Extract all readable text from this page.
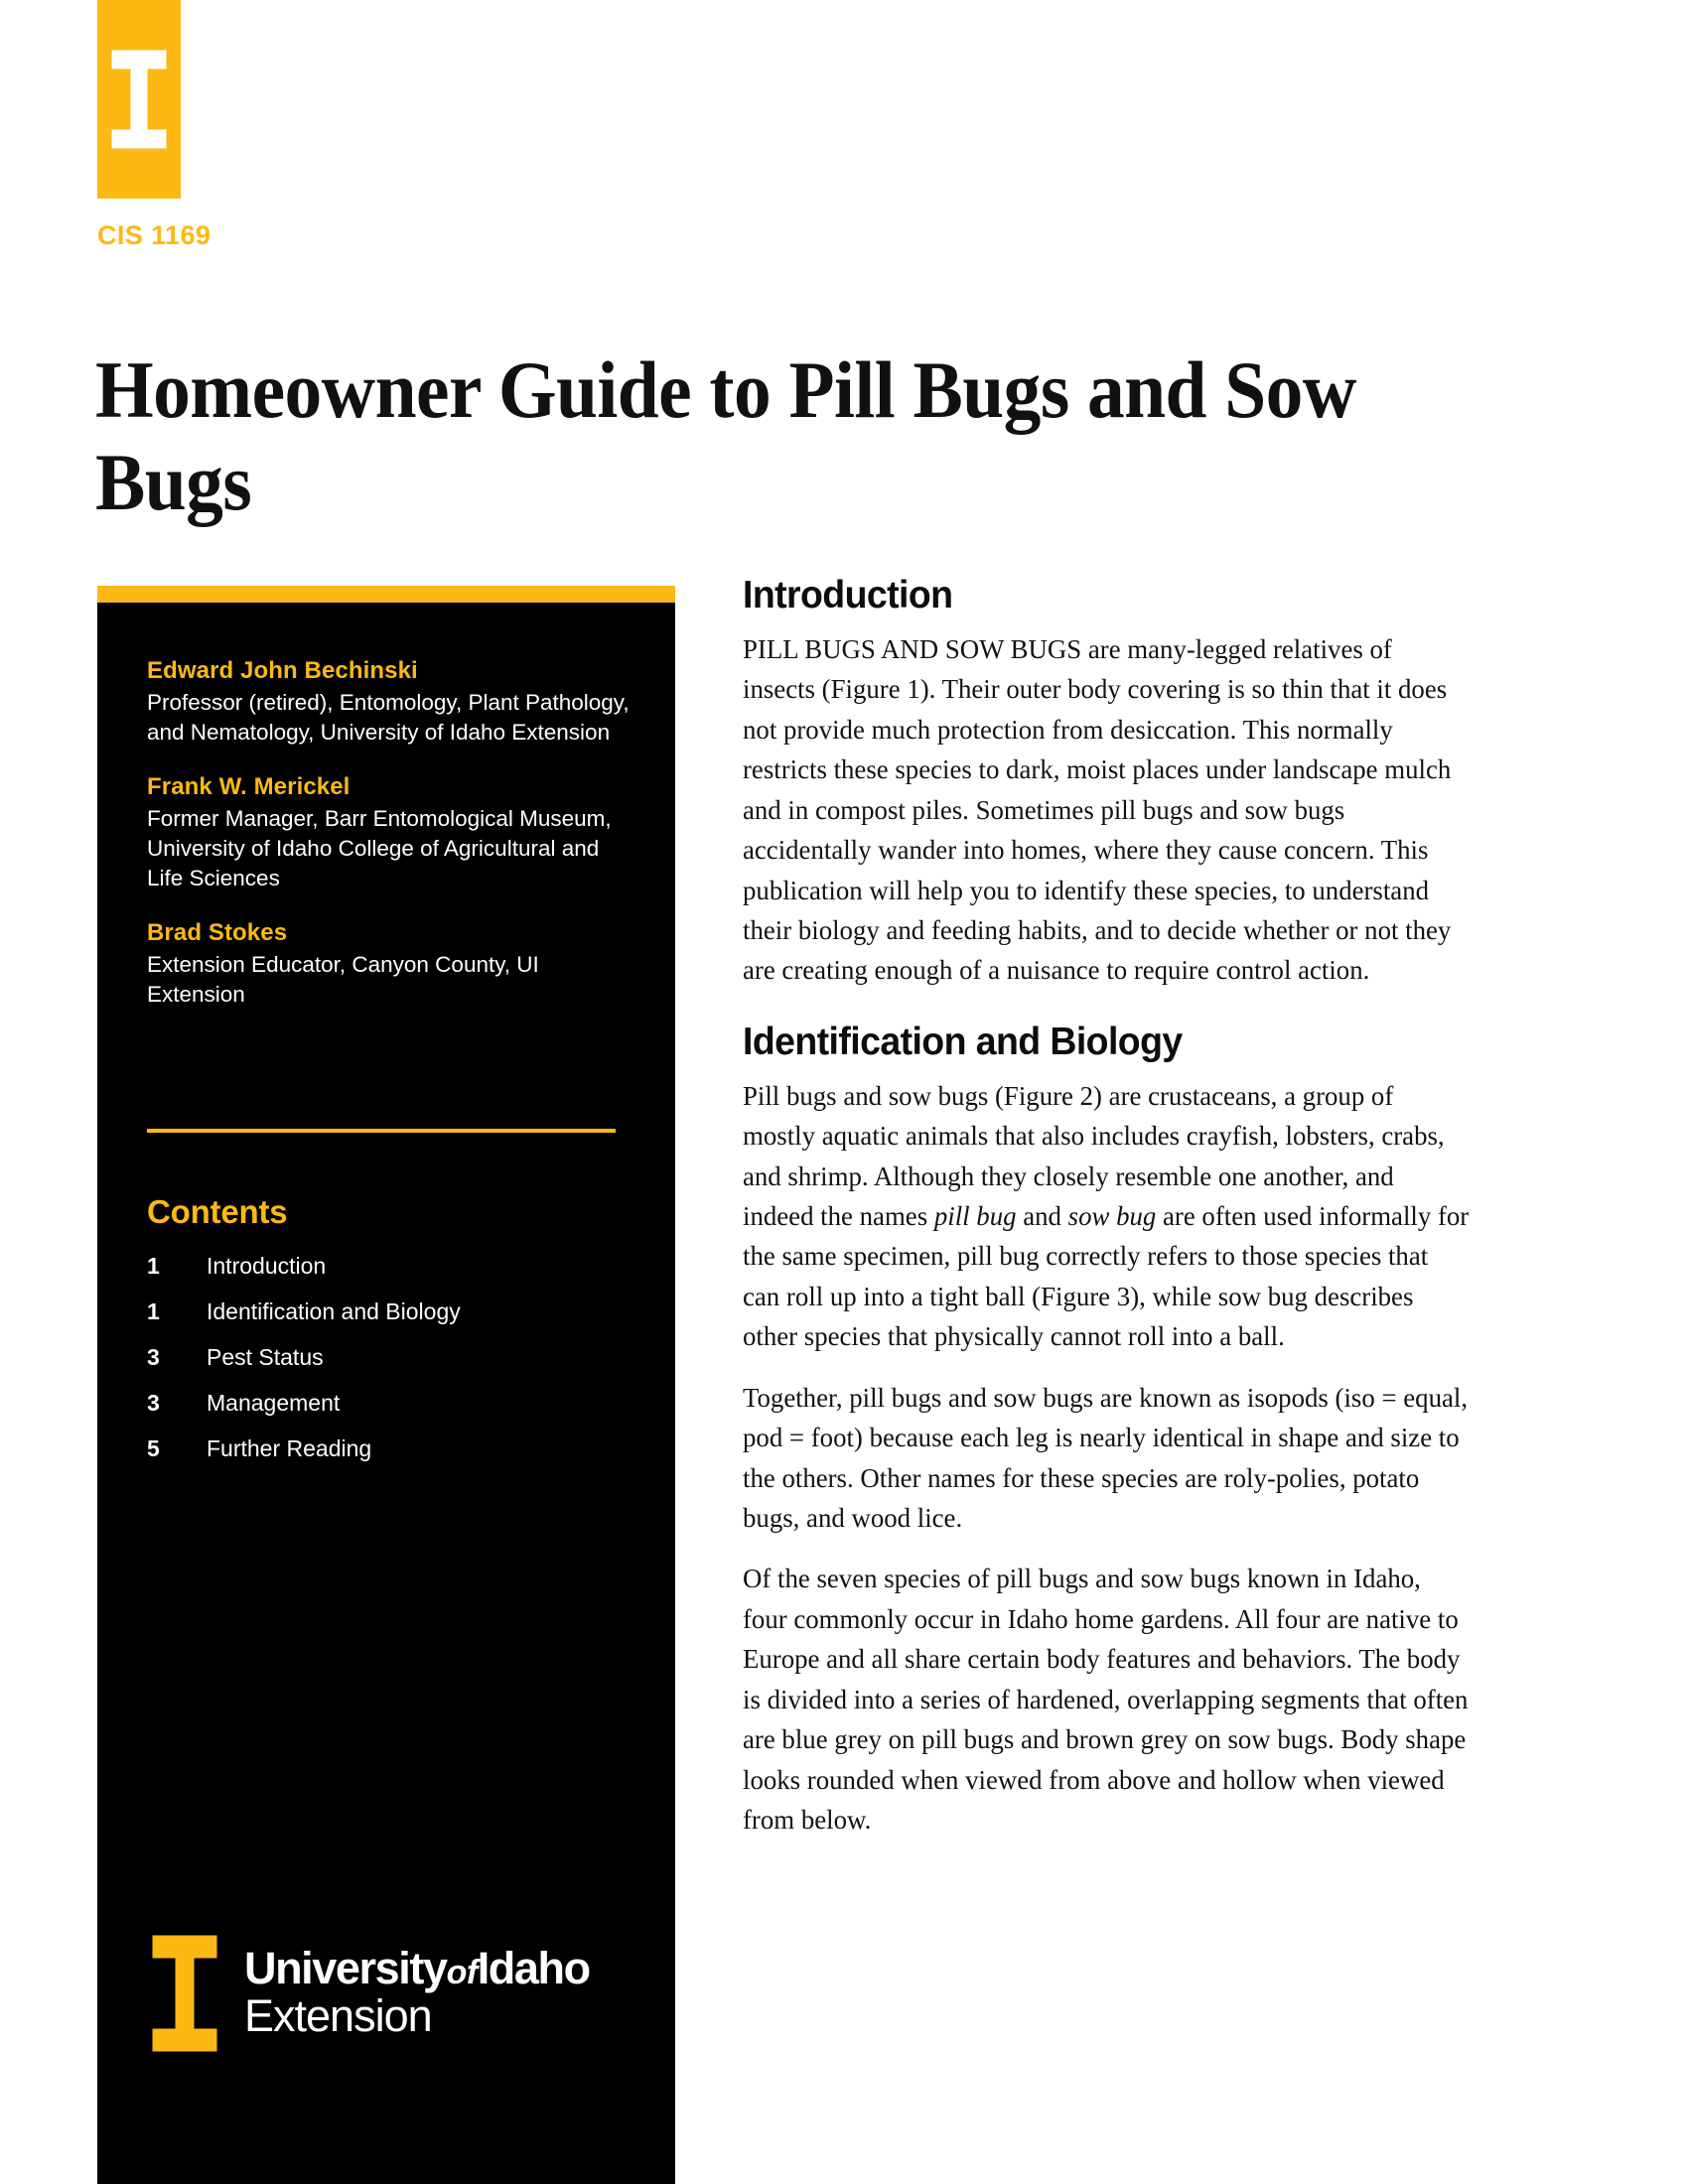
CIS 1169
Homeowner Guide to Pill Bugs and Sow Bugs
Edward John Bechinski
Professor (retired), Entomology, Plant Pathology, and Nematology, University of Idaho Extension
Frank W. Merickel
Former Manager, Barr Entomological Museum, University of Idaho College of Agricultural and Life Sciences
Brad Stokes
Extension Educator, Canyon County, UI Extension
Contents
1	Introduction
1	Identification and Biology
3	Pest Status
3	Management
5	Further Reading
UniversityofIdaho
Extension
Introduction

PILL BUGS AND SOW BUGS are many-legged relatives of insects (Figure 1). Their outer body covering is so thin that it does not provide much protection from desiccation. This normally restricts these species to dark, moist places under landscape mulch and in compost piles. Sometimes pill bugs and sow bugs accidentally wander into homes, where they cause concern. This publication will help you to identify these species, to understand their biology and feeding habits, and to decide whether or not they are creating enough of a nuisance to require control action.

Identification and Biology

Pill bugs and sow bugs (Figure 2) are crustaceans, a group of mostly aquatic animals that also includes crayfish, lobsters, crabs, and shrimp. Although they closely resemble one another, and indeed the names pill bug and sow bug are often used informally for the same specimen, pill bug correctly refers to those species that can roll up into a tight ball (Figure 3), while sow bug describes other species that physically cannot roll into a ball.

Together, pill bugs and sow bugs are known as isopods (iso = equal, pod = foot) because each leg is nearly identical in shape and size to the others. Other names for these species are roly-polies, potato bugs, and wood lice.

Of the seven species of pill bugs and sow bugs known in Idaho, four commonly occur in Idaho home gardens. All four are native to Europe and all share certain body features and behaviors. The body is divided into a series of hardened, overlapping segments that often are blue grey on pill bugs and brown grey on sow bugs. Body shape looks rounded when viewed from above and hollow when viewed from below.
